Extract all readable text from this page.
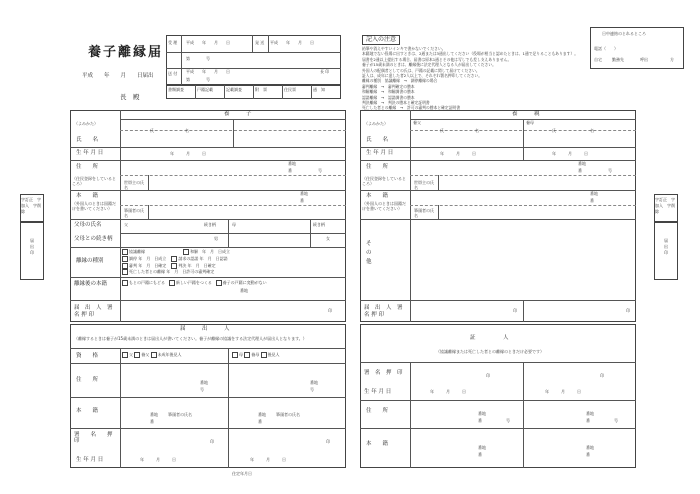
養子離縁届
平成　　年　　月　　日届出
長　殿
受 理 平成　　年　　月　　日
第　　　　号
発 送 平成　　年　　月　　日
送 付 平成　　年　　月　　日
第　　　　号
長 印
書類調査	戸籍記載	記載調査	附　票	住民票	通　知
記入の注意
鉛筆や消えやすいインキで書かないでください。
本籍地でない役場に出すときは、2通または3通出してください（役場が相当と認めたときは、1通で足りることもあります）。
届書を2通以上提出する場合、届書は原本1通とその他は写しでも差し支えありません。
養子が15歳未満のときは、離縁後に法定代理人となる人が届出してください。
外国人の配偶者としての氏は、戸籍の記載に関して届けてください。
証人は、成年に達した者2人以上で、それぞれ署名押印してください。
離縁の種別　協議離縁　→　調停離縁の場合
審判離縁　→　審判確定の謄本
和解離縁　→　和解調書の謄本
認諾離縁　→　認諾調書の謄本
判決離縁　→　判決の謄本と確定証明書
死亡した者との離縁　→　許可の審判の謄本と確定証明書
日中連絡のとれるところ
電話（　　）
自宅	勤務先	呼出	方
字訂正　字加入　字削除
届出印
字訂正　字加入　字削除
届出印
養　　　子
（よみかた）
氏	名
氏　　名
生 年 月 日	年　　　月　　　日
住　　所
（住民登録をしているところ）
番地
番	号
世帯主の氏名
本　　籍
（外国人のときは国籍だけを書いてください）
番地
番
筆頭者の氏名
父母の氏名	父	続き柄	母	続き柄
父母との続き柄	男	女
離縁の種別
協議離縁	和解 年　月　日成立
調停 年　月　日成立	請求の認諾 年　月　日認諾
審判 年　月　日確定	判決 年　月　日確定
死亡した者との離縁 年　月　日許可の審判確定
離縁後の本籍	もとの戸籍にもどる	新しい戸籍をつくる	養子の戸籍に変動がない
番地
届　出　人　署 名 押 印
印
養　　　親
（よみかた）	養父	養母
氏	名	氏	名
氏　　名
生 年 月 日	年　　　月　　　日	年　　　月　　　日
住　　所
（住民登録をしているところ）
番地
番	号
世帯主の氏名
本　　籍
（外国人のときは国籍だけを書いてください）
番地
番
筆頭者の氏名
そ の 他
届　出　人　署 名 押 印
印	印
届　　　出　　　人
（離縁するときは養子が15歳未満のときは届出人が書いてください。養子が離縁の協議をする法定代理人が届出人となります。）
資　　格	父 養父 未成年後見人	母 養母 後見人
住　　所	番地
号
番地
号
本　　籍
番地	筆頭者の氏名
番
番地	筆頭者の氏名
番
署　　名　　押　　印	印	印
生 年 月 日	年　　　月　　　日	年　　　月　　　日
住定年月日
証　　　　　人
（協議離縁または死亡した者との離縁のときだけ必要です）
署　名　押　印	印	印
生 年 月 日	年　　　月　　　日	年　　　月　　　日
住　　所	番地
番	号
番地
番	号
本　　籍
番地
番
番地
番
